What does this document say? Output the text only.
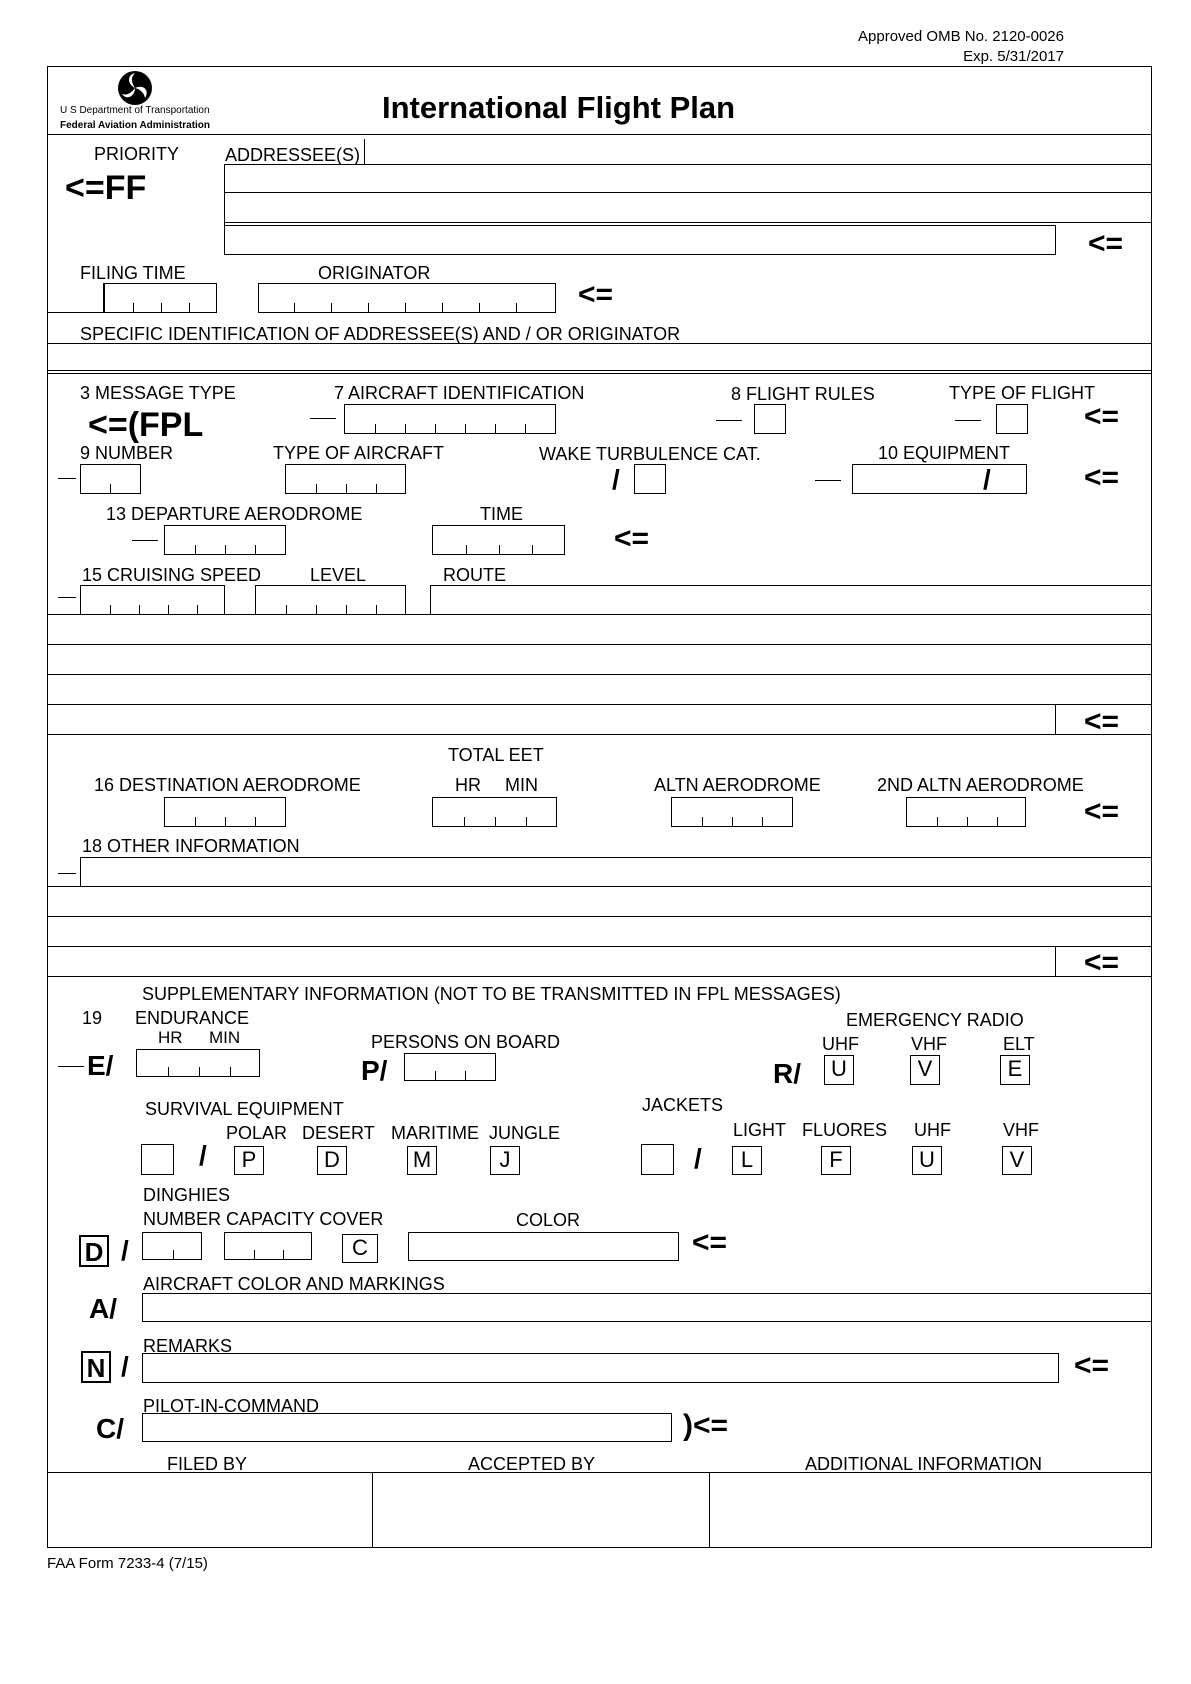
Approved OMB No. 2120-0026
Exp. 5/31/2017
U S Department of Transportation
Federal Aviation Administration
International Flight Plan
PRIORITY
<=FF
ADDRESSEE(S)
<=
FILING TIME	ORIGINATOR
<=
SPECIFIC IDENTIFICATION OF ADDRESSEE(S) AND / OR ORIGINATOR
3 MESSAGE TYPE
<=(FPL
7 AIRCRAFT IDENTIFICATION	8 FLIGHT RULES	TYPE OF FLIGHT
<=
9 NUMBER	TYPE OF AIRCRAFT	WAKE TURBULENCE CAT.
/
10 EQUIPMENT
/	<=
13 DEPARTURE AERODROME	TIME
<=
15 CRUISING SPEED	LEVEL	ROUTE
<=
TOTAL EET
16 DESTINATION AERODROME	HR MIN	ALTN AERODROME	2ND ALTN AERODROME
<=
18 OTHER INFORMATION
<=
SUPPLEMENTARY INFORMATION (NOT TO BE TRANSMITTED IN FPL MESSAGES)
19 ENDURANCE
HR MIN
E/
PERSONS ON BOARD
P/
EMERGENCY RADIO
UHF	VHF	ELT
R/	U	V	E
SURVIVAL EQUIPMENT
POLAR DESERT MARITIME JUNGLE
/	P	D	M	J
JACKETS
LIGHT FLUORES UHF	VHF
/	L	F	U	V
DINGHIES
NUMBER CAPACITY COVER	COLOR
D /	C	<=
AIRCRAFT COLOR AND MARKINGS
A/
REMARKS
N /	<=
PILOT-IN-COMMAND
C/	)<=
FILED BY	ACCEPTED BY	ADDITIONAL INFORMATION
FAA Form 7233-4 (7/15)
